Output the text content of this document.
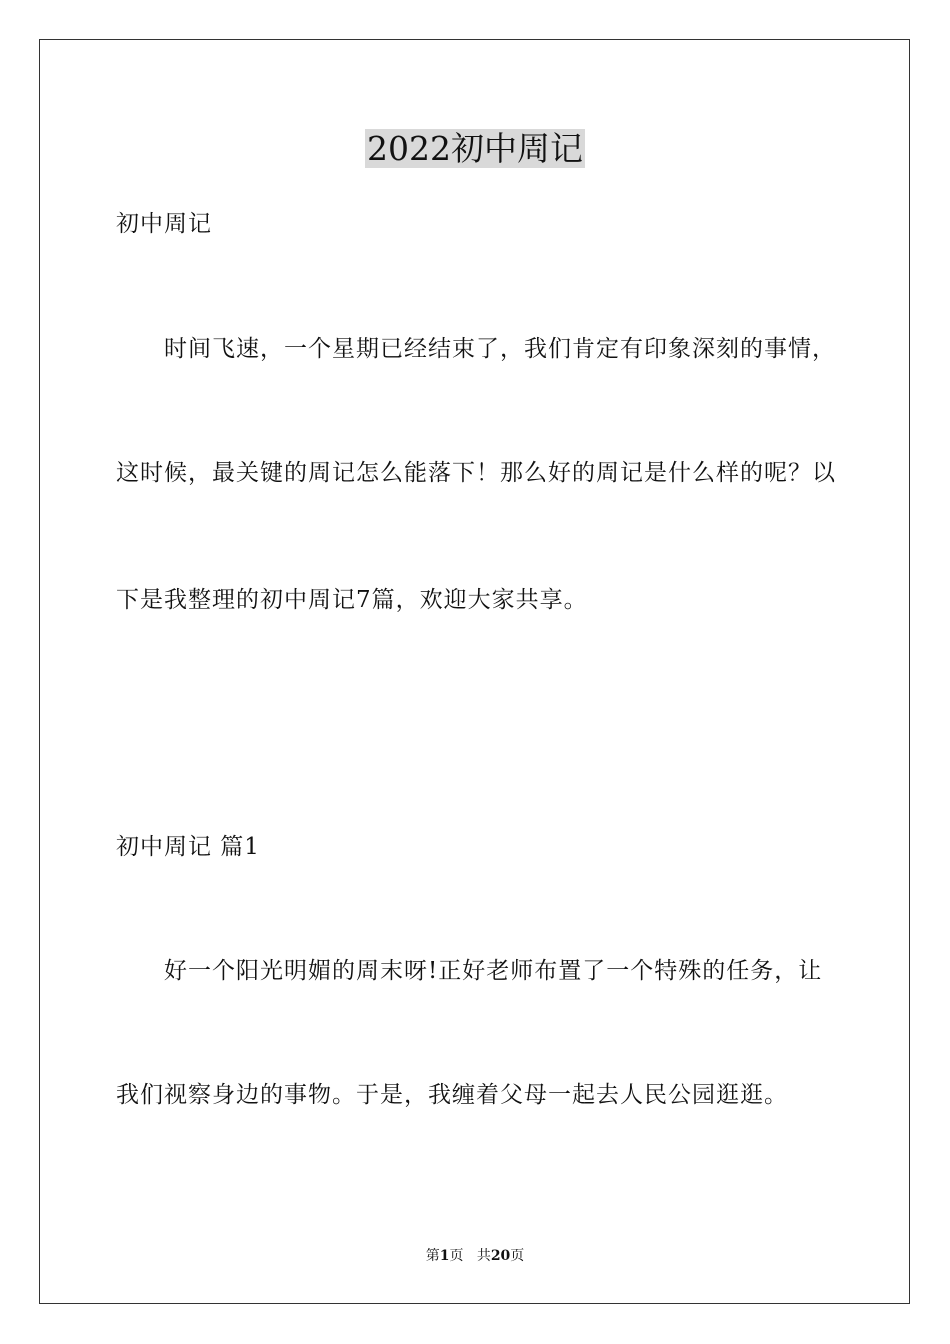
2022初中周记
初中周记
时间飞速，一个星期已经结束了，我们肯定有印象深刻的事情，
这时候，最关键的周记怎么能落下！那么好的周记是什么样的呢？以
下是我整理的初中周记7篇，欢迎大家共享。
初中周记 篇1
好一个阳光明媚的周末呀!正好老师布置了一个特殊的任务，让
我们视察身边的事物。于是，我缠着父母一起去人民公园逛逛。
第1页 共20页
